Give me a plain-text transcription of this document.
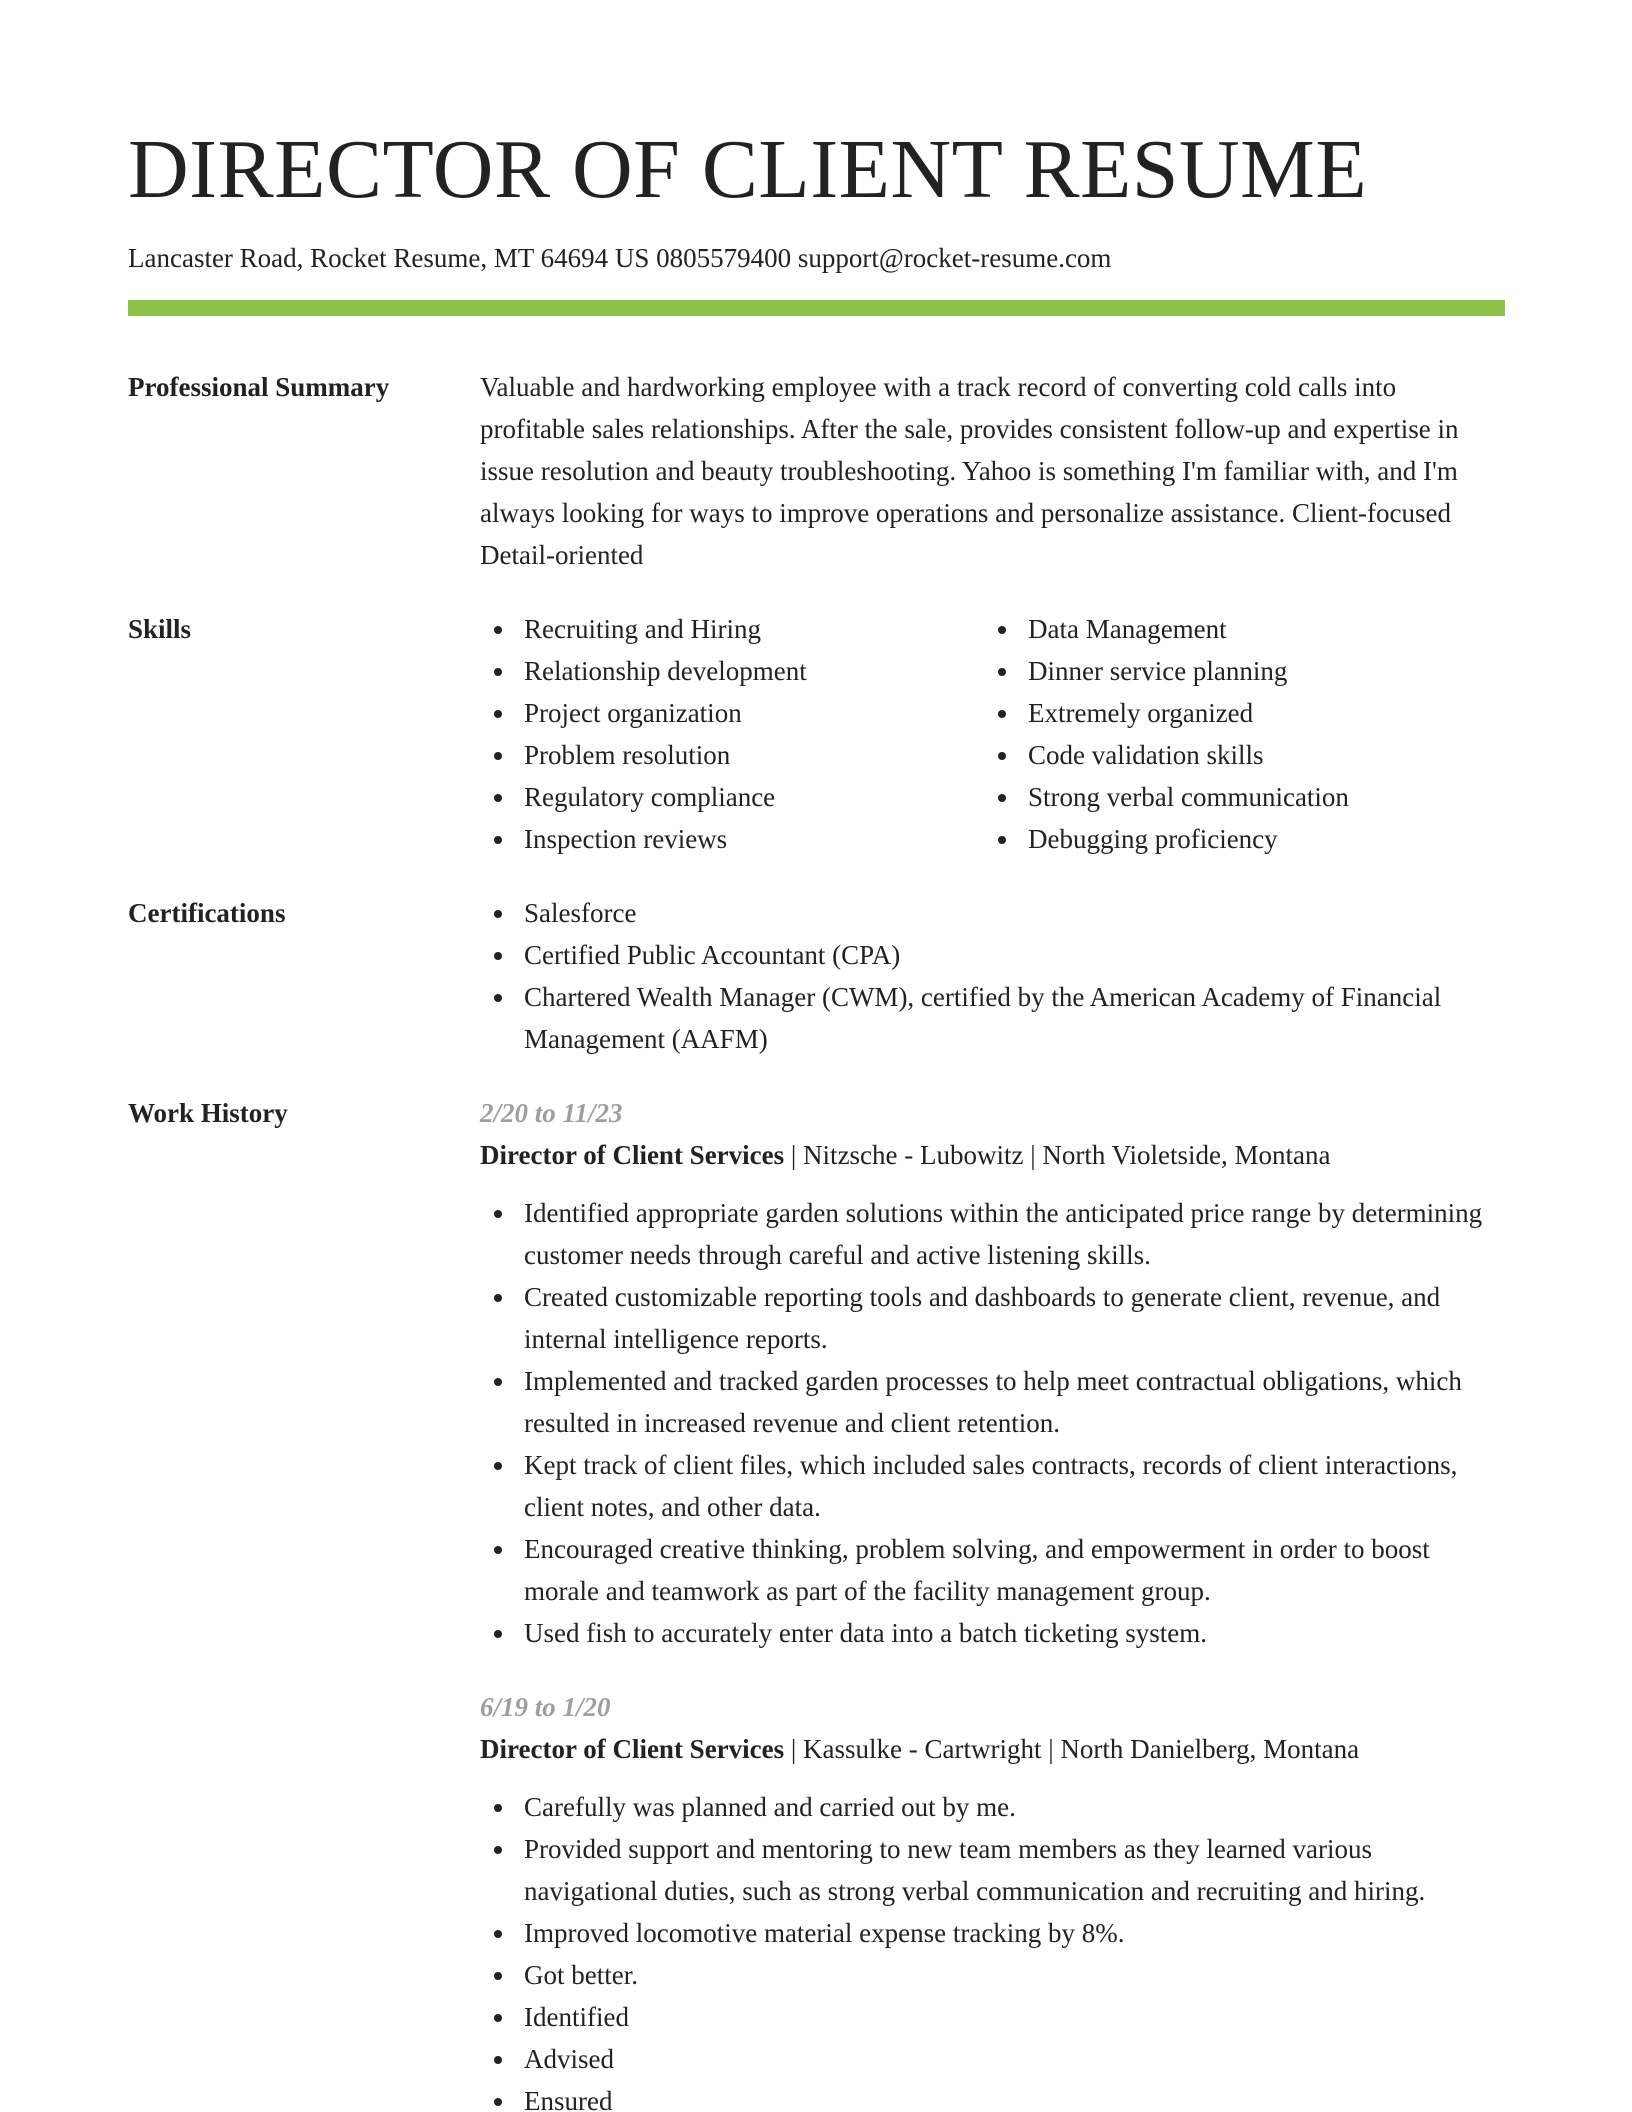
DIRECTOR OF CLIENT RESUME
Lancaster Road, Rocket Resume, MT 64694 US 0805579400 support@rocket-resume.com
Professional Summary	Valuable and hardworking employee with a track record of converting cold calls into profitable sales relationships. After the sale, provides consistent follow-up and expertise in issue resolution and beauty troubleshooting. Yahoo is something I'm familiar with, and I'm always looking for ways to improve operations and personalize assistance. Client-focused Detail-oriented
Skills	Recruiting and Hiring
Relationship development
Project organization
Problem resolution
Regulatory compliance
Inspection reviews
Data Management
Dinner service planning
Extremely organized
Code validation skills
Strong verbal communication
Debugging proficiency
Certifications	Salesforce
Certified Public Accountant (CPA)
Chartered Wealth Manager (CWM), certified by the American Academy of Financial Management (AAFM)
Work History	2/20 to 11/23
Director of Client Services | Nitzsche - Lubowitz | North Violetside, Montana
Identified appropriate garden solutions within the anticipated price range by determining customer needs through careful and active listening skills.
Created customizable reporting tools and dashboards to generate client, revenue, and internal intelligence reports.
Implemented and tracked garden processes to help meet contractual obligations, which resulted in increased revenue and client retention.
Kept track of client files, which included sales contracts, records of client interactions, client notes, and other data.
Encouraged creative thinking, problem solving, and empowerment in order to boost morale and teamwork as part of the facility management group.
Used fish to accurately enter data into a batch ticketing system.
6/19 to 1/20
Director of Client Services | Kassulke - Cartwright | North Danielberg, Montana
Carefully was planned and carried out by me.
Provided support and mentoring to new team members as they learned various navigational duties, such as strong verbal communication and recruiting and hiring.
Improved locomotive material expense tracking by 8%.
Got better.
Identified
Advised
Ensured
